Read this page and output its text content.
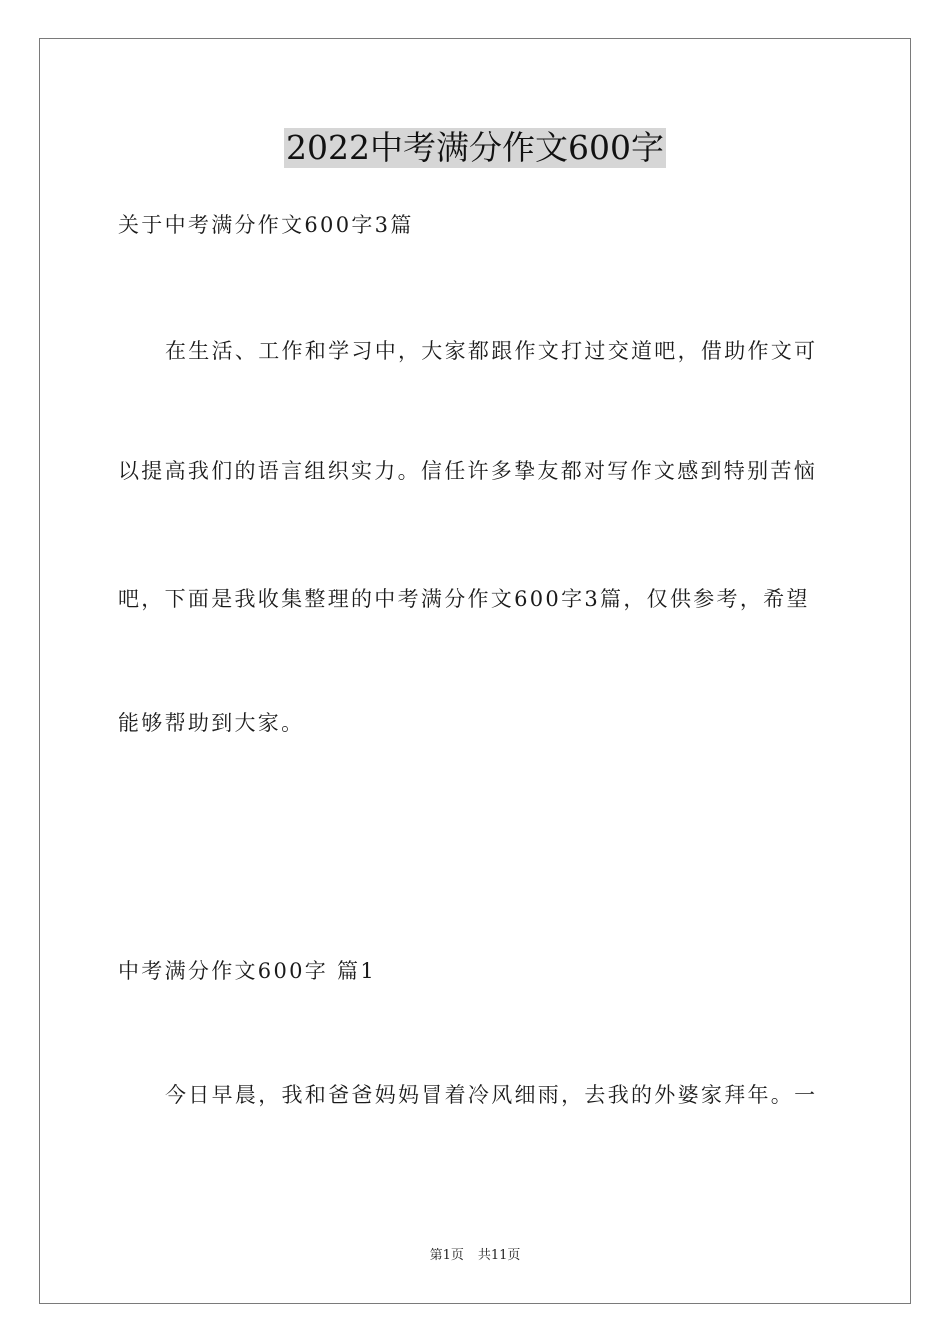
2022中考满分作文600字
关于中考满分作文600字3篇
在生活、工作和学习中，大家都跟作文打过交道吧，借助作文可
以提高我们的语言组织实力。信任许多挚友都对写作文感到特别苦恼
吧，下面是我收集整理的中考满分作文600字3篇，仅供参考，希望
能够帮助到大家。
中考满分作文600字 篇1
今日早晨，我和爸爸妈妈冒着冷风细雨，去我的外婆家拜年。一
第1页 共11页
